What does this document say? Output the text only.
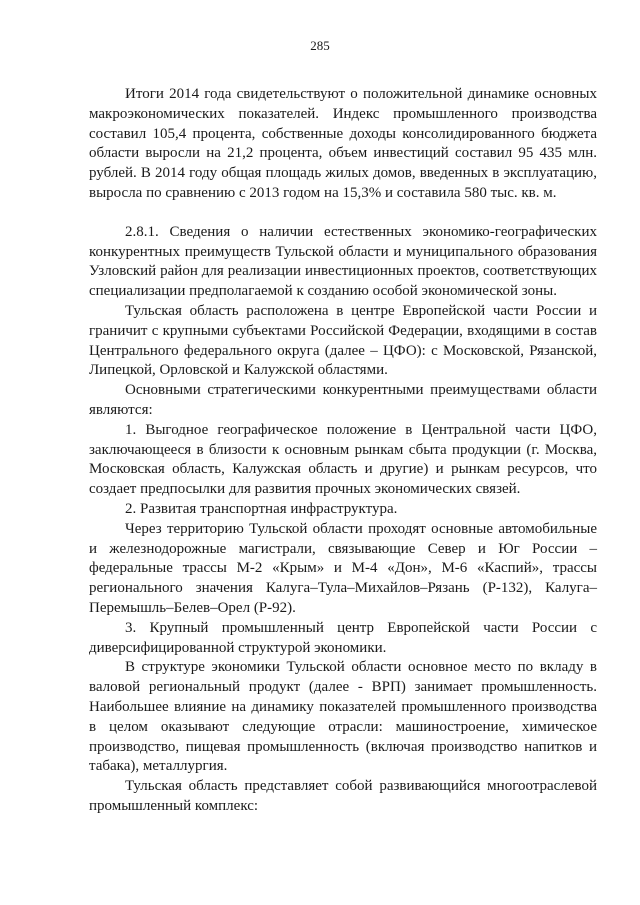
285

Итоги 2014 года свидетельствуют о положительной динамике основных макроэкономических показателей. Индекс промышленного производства составил 105,4 процента, собственные доходы консолидированного бюджета области выросли на 21,2 процента, объем инвестиций составил 95 435 млн. рублей. В 2014 году общая площадь жилых домов, введенных в эксплуатацию, выросла по сравнению с 2013 годом на 15,3% и составила 580 тыс. кв. м.

2.8.1. Сведения о наличии естественных экономико-географических конкурентных преимуществ Тульской области и муниципального образования Узловский район для реализации инвестиционных проектов, соответствующих специализации предполагаемой к созданию особой экономической зоны.

Тульская область расположена в центре Европейской части России и граничит с крупными субъектами Российской Федерации, входящими в состав Центрального федерального округа (далее – ЦФО): с Московской, Рязанской, Липецкой, Орловской и Калужской областями.

Основными стратегическими конкурентными преимуществами области являются:

1. Выгодное географическое положение в Центральной части ЦФО, заключающееся в близости к основным рынкам сбыта продукции (г. Москва, Московская область, Калужская область и другие) и рынкам ресурсов, что создает предпосылки для развития прочных экономических связей.

2. Развитая транспортная инфраструктура.

Через территорию Тульской области проходят основные автомобильные и железнодорожные магистрали, связывающие Север и Юг России – федеральные трассы М-2 «Крым» и М-4 «Дон», М-6 «Каспий», трассы регионального значения Калуга–Тула–Михайлов–Рязань (Р-132), Калуга–Перемышль–Белев–Орел (Р-92).

3. Крупный промышленный центр Европейской части России с диверсифицированной структурой экономики.

В структуре экономики Тульской области основное место по вкладу в валовой региональный продукт (далее - ВРП) занимает промышленность. Наибольшее влияние на динамику показателей промышленного производства в целом оказывают следующие отрасли: машиностроение, химическое производство, пищевая промышленность (включая производство напитков и табака), металлургия.

Тульская область представляет собой развивающийся многоотраслевой промышленный комплекс:
